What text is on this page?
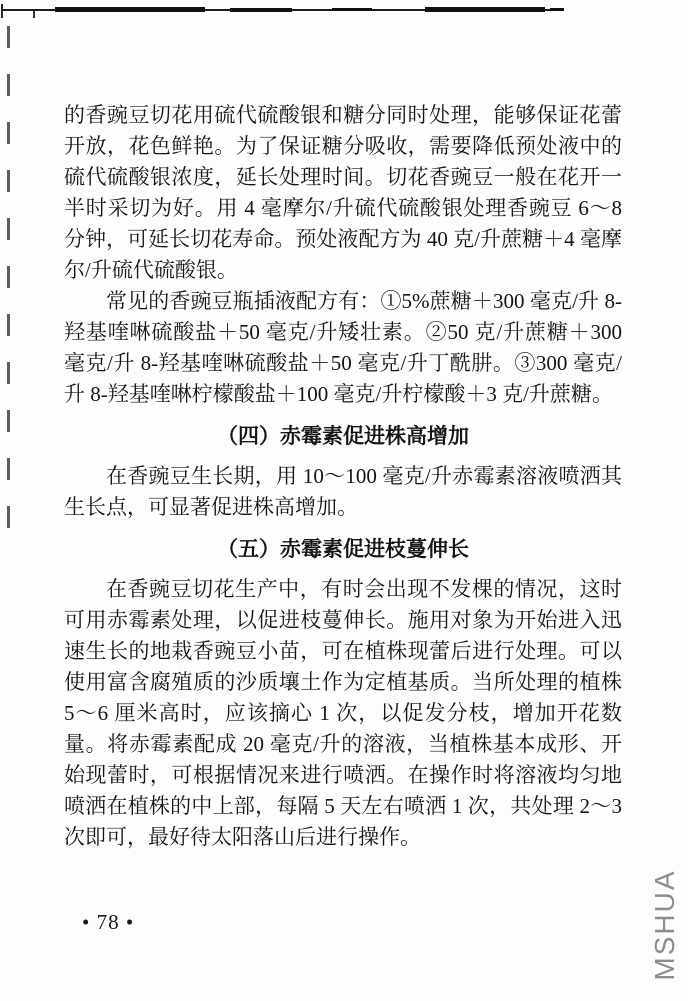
的香豌豆切花用硫代硫酸银和糖分同时处理，能够保证花蕾开放，花色鲜艳。为了保证糖分吸收，需要降低预处液中的硫代硫酸银浓度，延长处理时间。切花香豌豆一般在花开一半时采切为好。用 4 毫摩尔/升硫代硫酸银处理香豌豆 6～8 分钟，可延长切花寿命。预处液配方为 40 克/升蔗糖＋4 毫摩尔/升硫代硫酸银。

常见的香豌豆瓶插液配方有：①5%蔗糖＋300 毫克/升 8-羟基喹啉硫酸盐＋50 毫克/升矮壮素。②50 克/升蔗糖＋300 毫克/升 8-羟基喹啉硫酸盐＋50 毫克/升丁酰肼。③300 毫克/升 8-羟基喹啉柠檬酸盐＋100 毫克/升柠檬酸＋3 克/升蔗糖。

（四）赤霉素促进株高增加

在香豌豆生长期，用 10～100 毫克/升赤霉素溶液喷洒其生长点，可显著促进株高增加。

（五）赤霉素促进枝蔓伸长

在香豌豆切花生产中，有时会出现不发棵的情况，这时可用赤霉素处理，以促进枝蔓伸长。施用对象为开始进入迅速生长的地栽香豌豆小苗，可在植株现蕾后进行处理。可以使用富含腐殖质的沙质壤土作为定植基质。当所处理的植株 5～6 厘米高时，应该摘心 1 次，以促发分枝，增加开花数量。将赤霉素配成 20 毫克/升的溶液，当植株基本成形、开始现蕾时，可根据情况来进行喷洒。在操作时将溶液均匀地喷洒在植株的中上部，每隔 5 天左右喷洒 1 次，共处理 2～3 次即可，最好待太阳落山后进行操作。

• 78 •	MSHUA
